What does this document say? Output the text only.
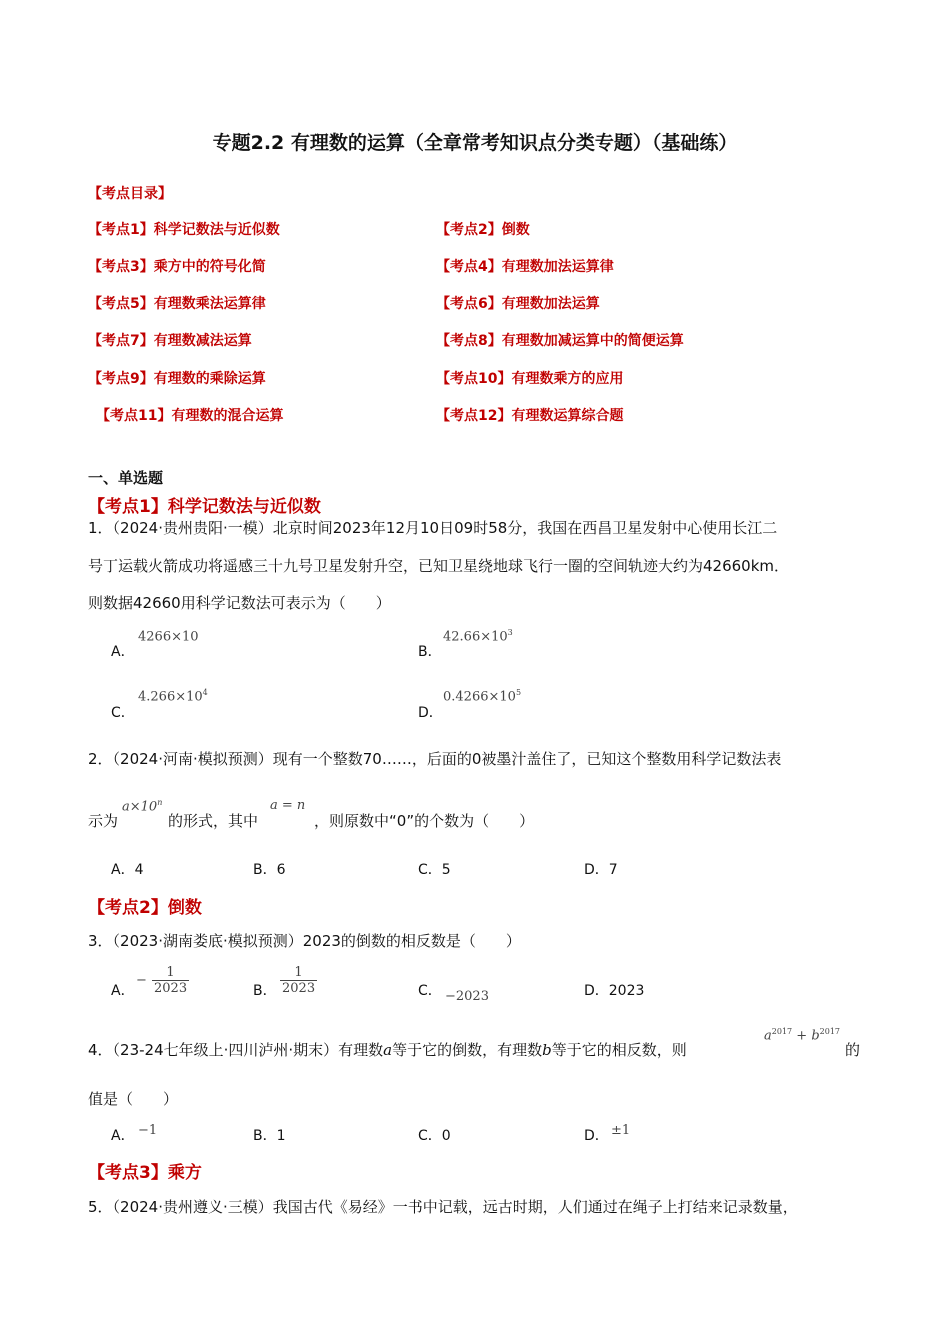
专题2.2 有理数的运算（全章常考知识点分类专题）（基础练）
【考点目录】
【考点1】科学记数法与近似数	【考点2】倒数
【考点3】乘方中的符号化简	【考点4】有理数加法运算律
【考点5】有理数乘法运算律	【考点6】有理数加法运算
【考点7】有理数减法运算	【考点8】有理数加减运算中的简便运算
【考点9】有理数的乘除运算	【考点10】有理数乘方的应用
【考点11】有理数的混合运算	【考点12】有理数运算综合题
一、单选题
【考点1】科学记数法与近似数
1．（2024·贵州贵阳·一模）北京时间2023年12月10日09时58分，我国在西昌卫星发射中心使用长江二
号丁运载火箭成功将遥感三十九号卫星发射升空，已知卫星绕地球飞行一圈的空间轨迹大约为42660km．
则数据42660用科学记数法可表示为（　　）
A．
4266×10
B．
$42.66\times 10^3$
C．
$4.266\times 10^4$
D．
$0.4266\times 10^5$
2．（2024·河南·模拟预测）现有一个整数70……，后面的0被墨汁盖住了，已知这个整数用科学记数法表
示为
$a\times 10^n$
的形式，其中
a = n
，则原数中“0”的个数为（　　）
A．4	B．6	C．5	D．7
【考点2】倒数
3．（2023·湖南娄底·模拟预测）2023的倒数的相反数是（　　）
A．
− $\frac{1}{2023}$	B． $\frac{1}{2023}$	C． −2023	D．2023
4．（23-24七年级上·四川泸州·期末）有理数a等于它的倒数，有理数b等于它的相反数，则
$a^{2017} + b^{2017}$
的
值是（　　）
A． −1	B．1	C．0	D． ±1
【考点3】乘方
5．（2024·贵州遵义·三模）我国古代《易经》一书中记载，远古时期，人们通过在绳子上打结来记录数量，
